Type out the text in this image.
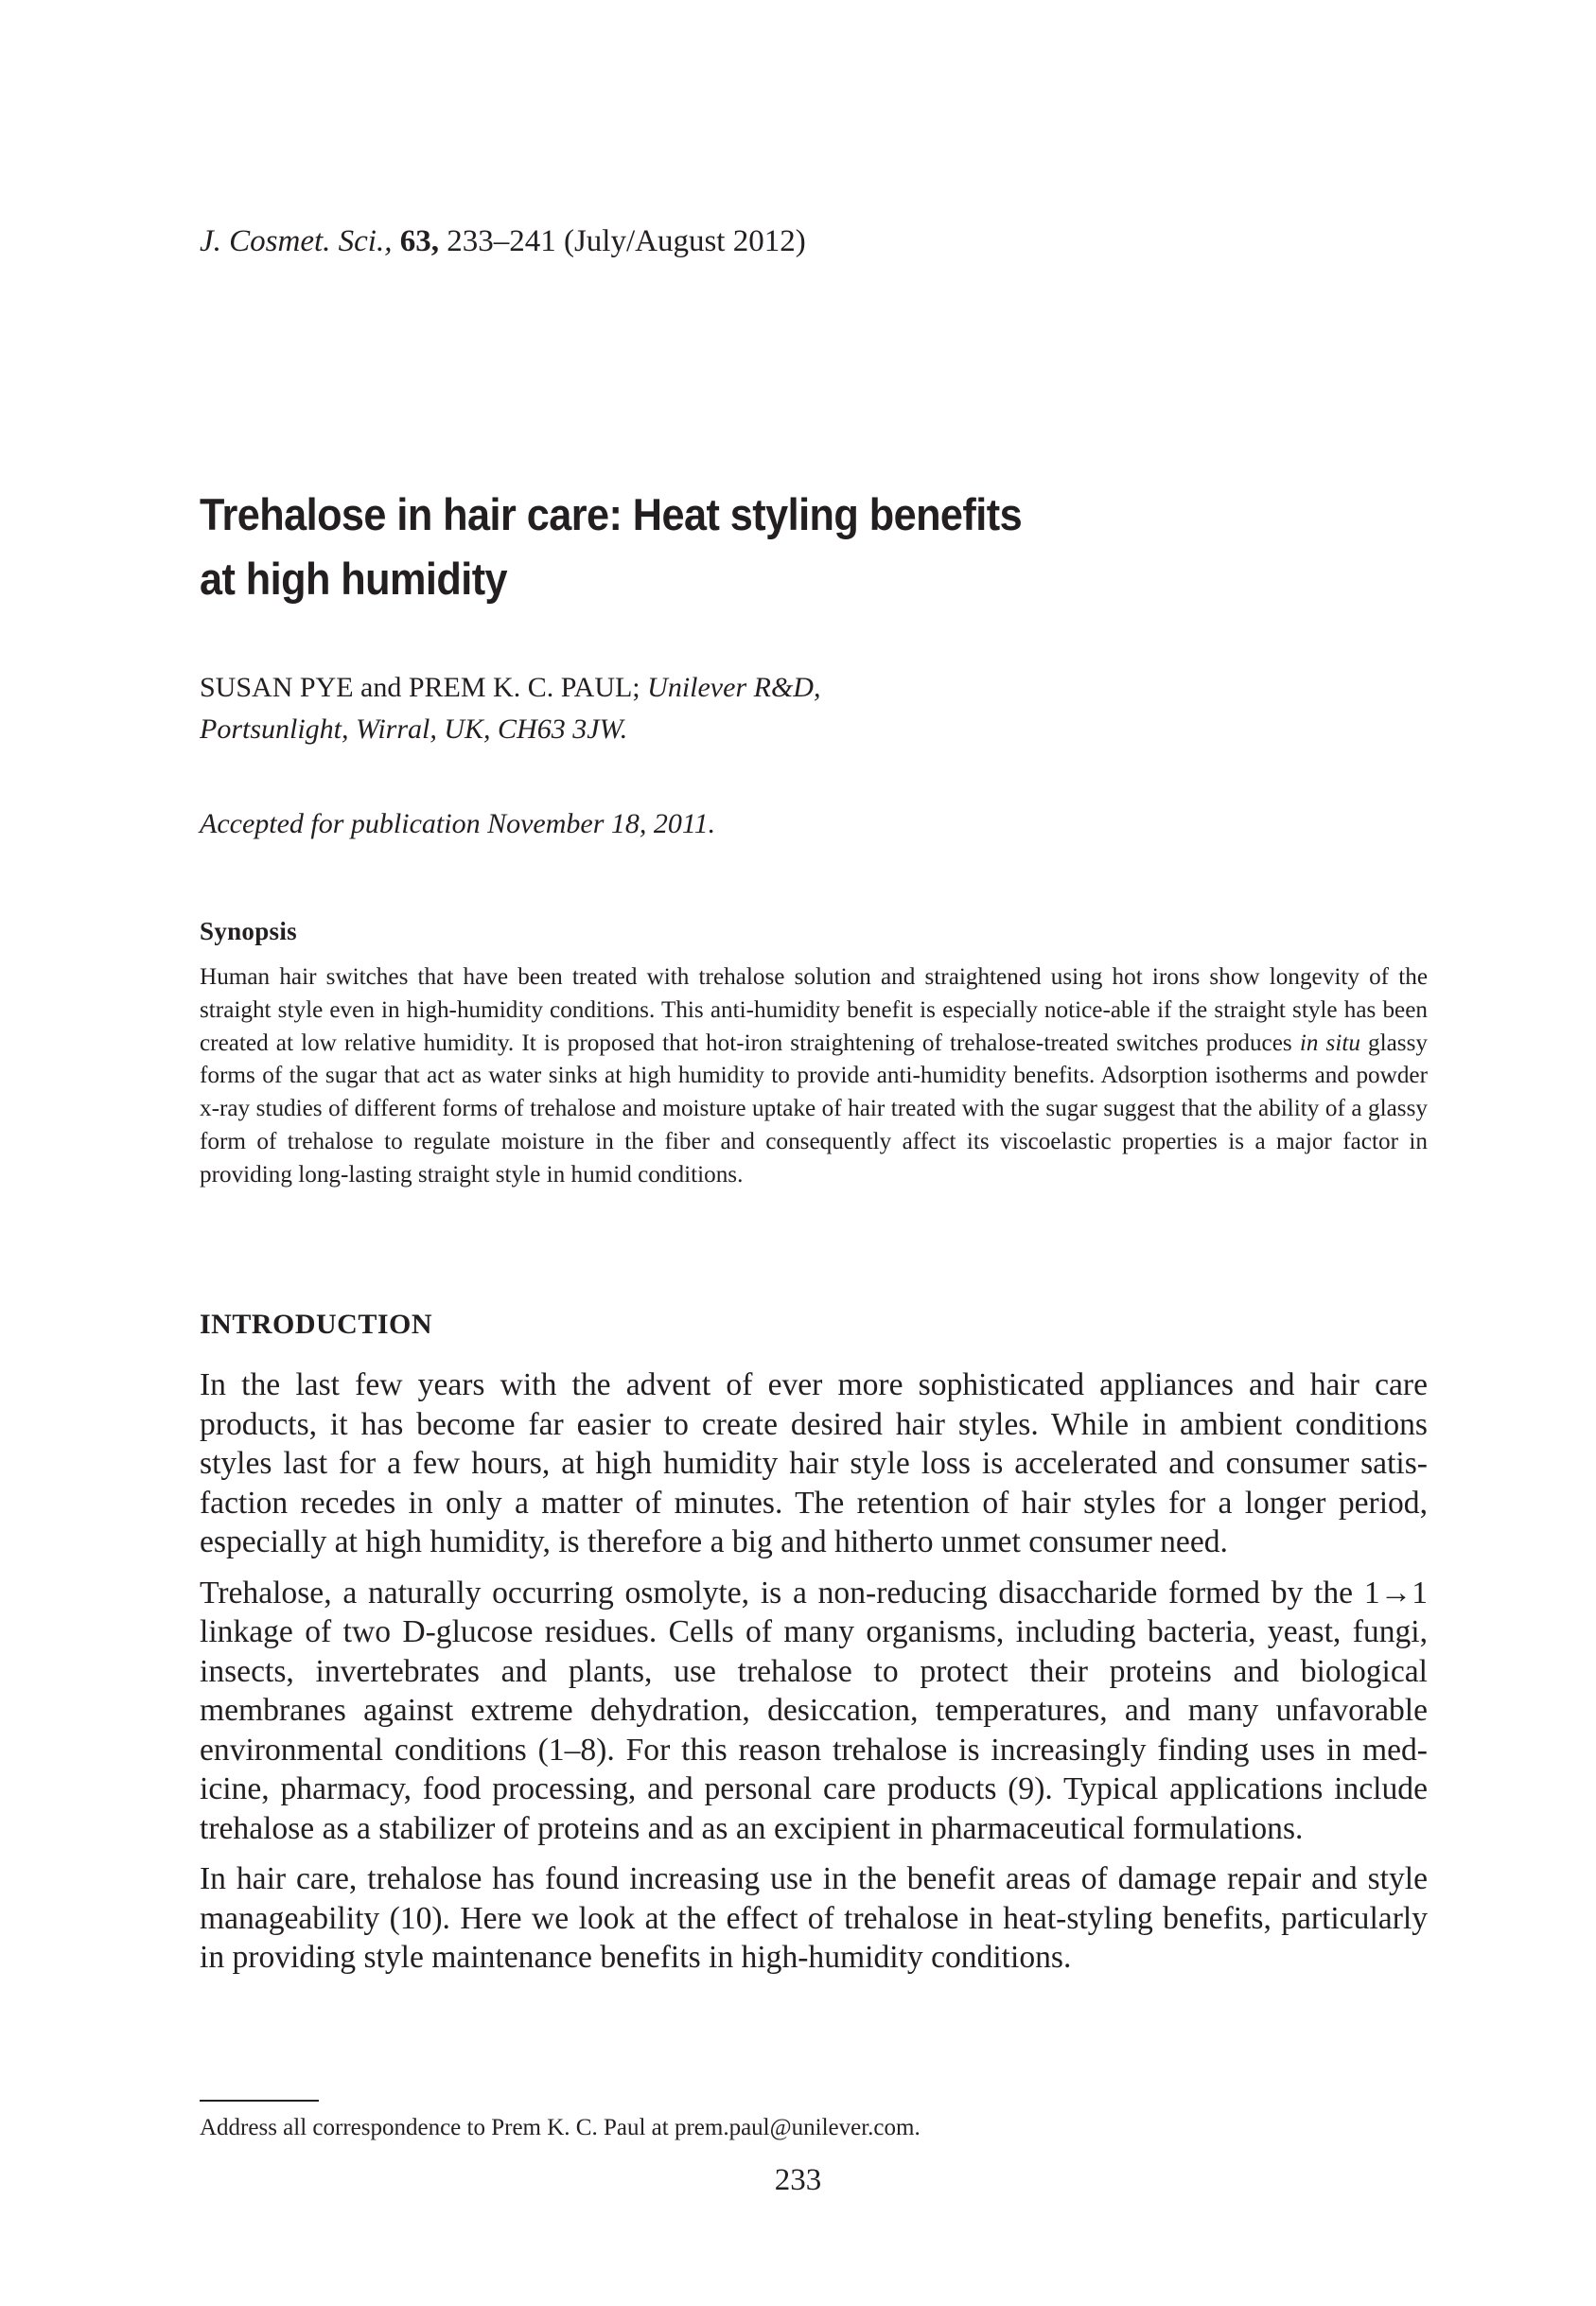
J. Cosmet. Sci., 63, 233–241 (July/August 2012)
Trehalose in hair care: Heat styling benefits
at high humidity
SUSAN PYE and PREM K. C. PAUL; Unilever R&D,
Portsunlight, Wirral, UK, CH63 3JW.
Accepted for publication November 18, 2011.
Synopsis

Human hair switches that have been treated with trehalose solution and straightened using hot irons show longevity of the straight style even in high-humidity conditions. This anti-humidity benefit is especially notice-able if the straight style has been created at low relative humidity. It is proposed that hot-iron straightening of trehalose-treated switches produces in situ glassy forms of the sugar that act as water sinks at high humidity to provide anti-humidity benefits. Adsorption isotherms and powder x-ray studies of different forms of trehalose and moisture uptake of hair treated with the sugar suggest that the ability of a glassy form of trehalose to regulate moisture in the fiber and consequently affect its viscoelastic properties is a major factor in providing long-lasting straight style in humid conditions.

INTRODUCTION

In the last few years with the advent of ever more sophisticated appliances and hair care products, it has become far easier to create desired hair styles. While in ambient conditions styles last for a few hours, at high humidity hair style loss is accelerated and consumer satis-faction recedes in only a matter of minutes. The retention of hair styles for a longer period, especially at high humidity, is therefore a big and hitherto unmet consumer need.

Trehalose, a naturally occurring osmolyte, is a non-reducing disaccharide formed by the 1→1 linkage of two D-glucose residues. Cells of many organisms, including bacteria, yeast, fungi, insects, invertebrates and plants, use trehalose to protect their proteins and biological membranes against extreme dehydration, desiccation, temperatures, and many unfavorable environmental conditions (1–8). For this reason trehalose is increasingly finding uses in med-icine, pharmacy, food processing, and personal care products (9). Typical applications include trehalose as a stabilizer of proteins and as an excipient in pharmaceutical formulations.

In hair care, trehalose has found increasing use in the benefit areas of damage repair and style manageability (10). Here we look at the effect of trehalose in heat-styling benefits, particularly in providing style maintenance benefits in high-humidity conditions.

Address all correspondence to Prem K. C. Paul at prem.paul@unilever.com.
233
